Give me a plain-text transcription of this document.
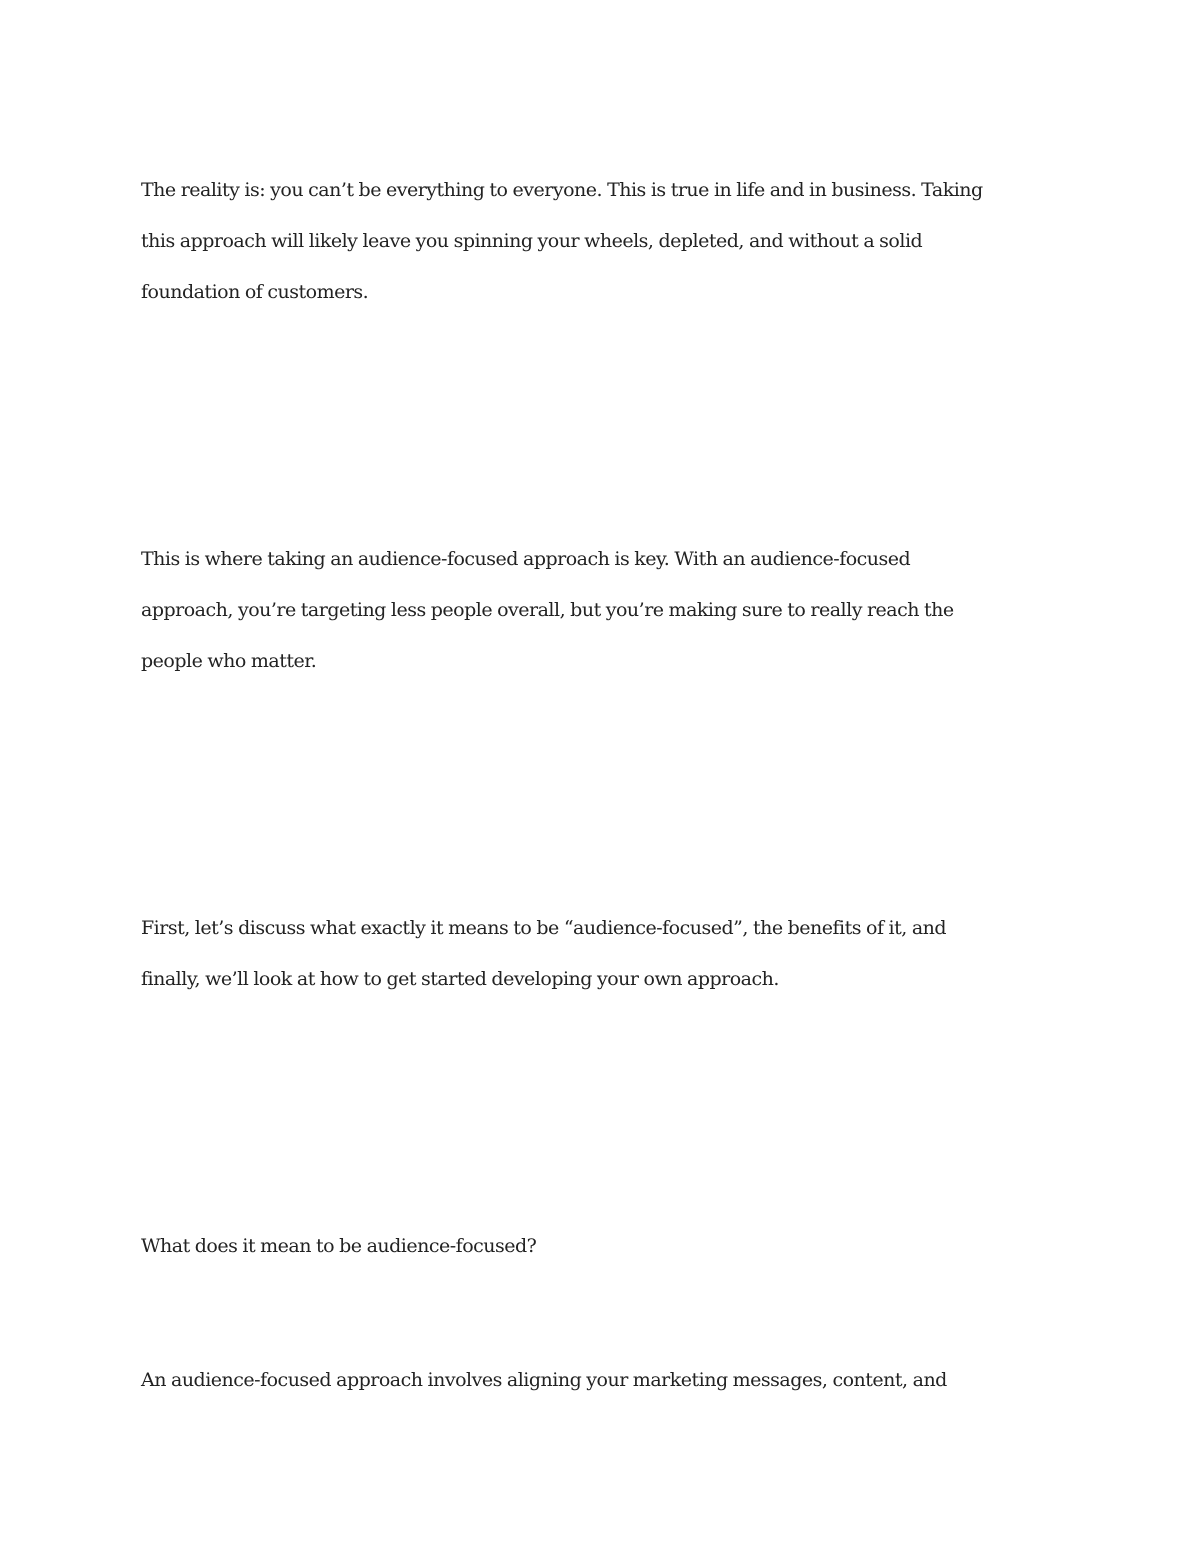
The reality is: you can’t be everything to everyone. This is true in life and in business. Taking
this approach will likely leave you spinning your wheels, depleted, and without a solid
foundation of customers.

This is where taking an audience-focused approach is key. With an audience-focused
approach, you’re targeting less people overall, but you’re making sure to really reach the
people who matter.

First, let’s discuss what exactly it means to be “audience-focused”, the benefits of it, and
finally, we’ll look at how to get started developing your own approach.

What does it mean to be audience-focused?

An audience-focused approach involves aligning your marketing messages, content, and
